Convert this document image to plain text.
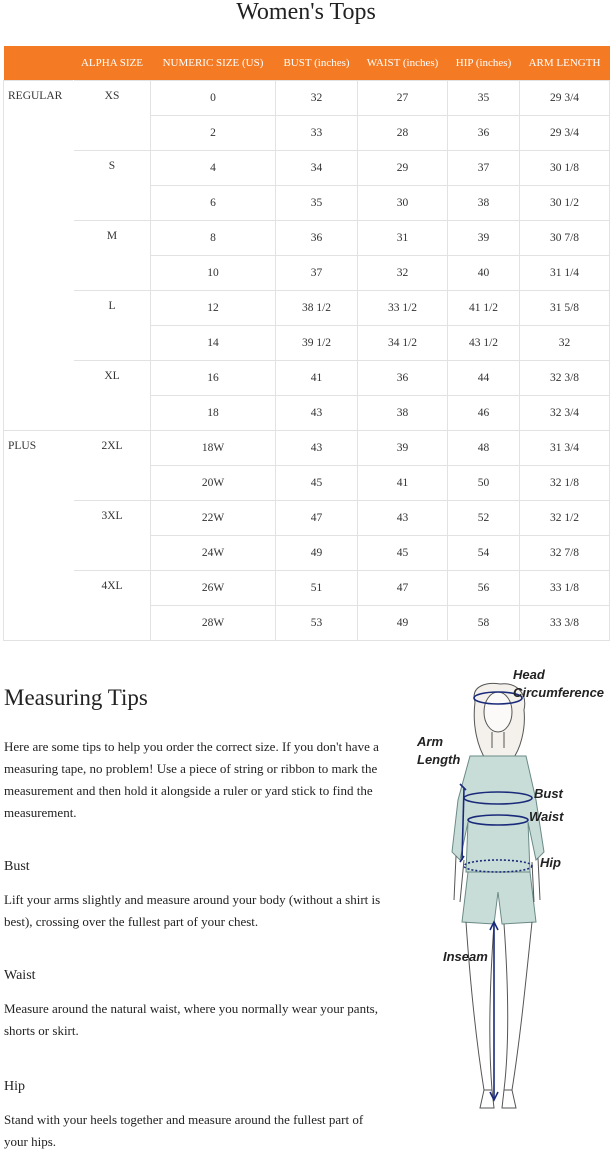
Women's Tops
	ALPHA SIZE	NUMERIC SIZE (US)	BUST (inches)	WAIST (inches)	HIP (inches)	ARM LENGTH
REGULAR	XS	0	32	27	35	29 3/4
		2	33	28	36	29 3/4
	S	4	34	29	37	30 1/8
		6	35	30	38	30 1/2
	M	8	36	31	39	30 7/8
		10	37	32	40	31 1/4
	L	12	38 1/2	33 1/2	41 1/2	31 5/8
		14	39 1/2	34 1/2	43 1/2	32
	XL	16	41	36	44	32 3/8
		18	43	38	46	32 3/4
PLUS	2XL	18W	43	39	48	31 3/4
		20W	45	41	50	32 1/8
	3XL	22W	47	43	52	32 1/2
		24W	49	45	54	32 7/8
	4XL	26W	51	47	56	33 1/8
		28W	53	49	58	33 3/8
Measuring Tips

Here are some tips to help you order the correct size. If you don't have a measuring tape, no problem! Use a piece of string or ribbon to mark the measurement and then hold it alongside a ruler or yard stick to find the measurement.

Bust

Lift your arms slightly and measure around your body (without a shirt is best), crossing over the fullest part of your chest.

Waist

Measure around the natural waist, where you normally wear your pants, shorts or skirt.

Hip

Stand with your heels together and measure around the fullest part of your hips.

Head
Circumference
Arm
Length
Bust
Waist
Hip
Inseam
